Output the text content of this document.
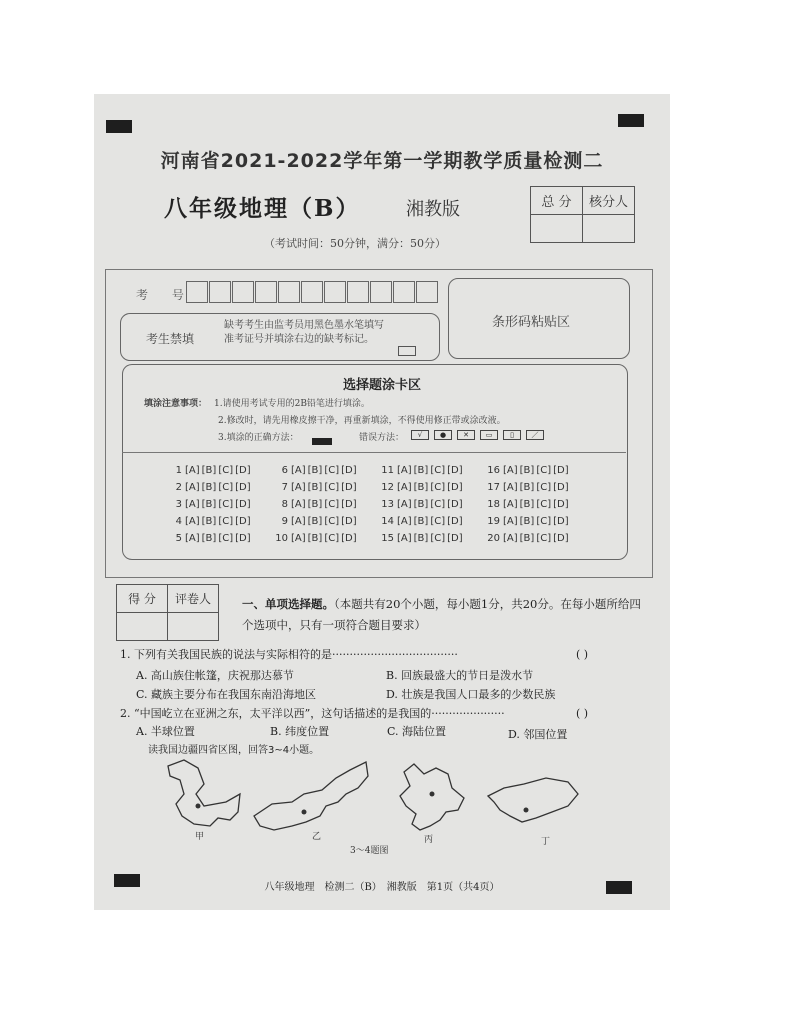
河南省2021-2022学年第一学期教学质量检测二
八年级地理（B）	湘教版
（考试时间：50分钟，满分：50分）
总 分	核分人

考 号
考生禁填
缺考考生由监考员用黑色墨水笔填写准考证号并填涂右边的缺考标记。
条形码粘贴区
选择题涂卡区
填涂注意事项： 1.请使用考试专用的2B铅笔进行填涂。
2.修改时，请先用橡皮擦干净，再重新填涂，不得使用修正带或涂改液。
3.填涂的正确方法：	错误方法：	√	●	✕	▭	▯	／
1 [A] [B] [C] [D]	6 [A] [B] [C] [D]	11 [A] [B] [C] [D]	16 [A] [B] [C] [D]
2 [A] [B] [C] [D]	7 [A] [B] [C] [D]	12 [A] [B] [C] [D]	17 [A] [B] [C] [D]
3 [A] [B] [C] [D]	8 [A] [B] [C] [D]	13 [A] [B] [C] [D]	18 [A] [B] [C] [D]
4 [A] [B] [C] [D]	9 [A] [B] [C] [D]	14 [A] [B] [C] [D]	19 [A] [B] [C] [D]
5 [A] [B] [C] [D]	10 [A] [B] [C] [D]	15 [A] [B] [C] [D]	20 [A] [B] [C] [D]
得 分	评卷人
		一、单项选择题。（本题共有20个小题，每小题1分，共20分。在每小题所给四个选项中，只有一项符合题目要求）
1. 下列有关我国民族的说法与实际相符的是····································	( )
A. 高山族住帐篷，庆祝那达慕节	B. 回族最盛大的节日是泼水节
C. 藏族主要分布在我国东南沿海地区	D. 壮族是我国人口最多的少数民族
2. “中国屹立在亚洲之东，太平洋以西”，这句话描述的是我国的·····················	( )
A. 半球位置	B. 纬度位置	C. 海陆位置	D. 邻国位置
读我国边疆四省区图，回答3~4小题。
甲	乙	丙	丁
3～4题图
八年级地理　检测二（B）　湘教版　第1页（共4页）
